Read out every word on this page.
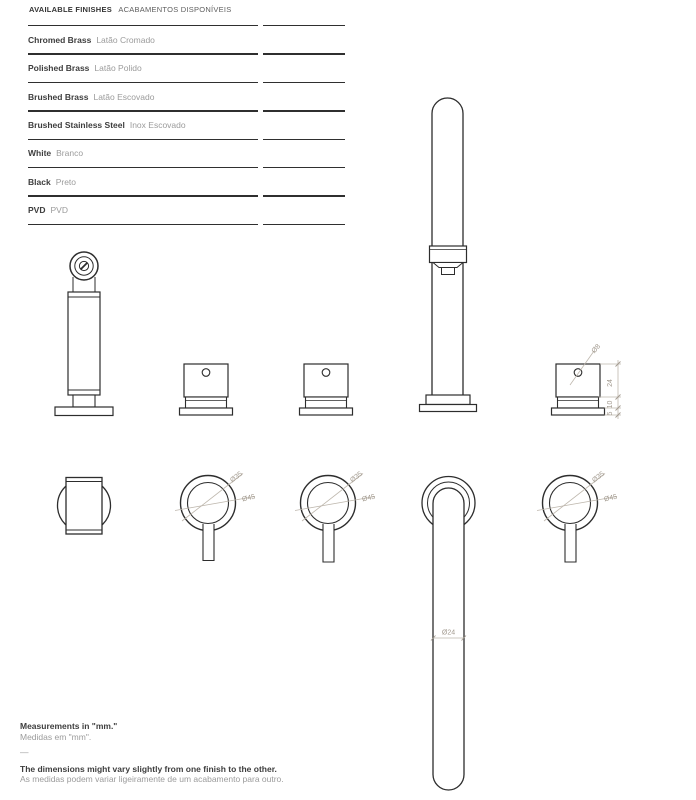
AVAILABLE FINISHES ACABAMENTOS DISPONÍVEIS
Chromed Brass Latão Cromado
Polished Brass Latão Polido
Brushed Brass Latão Escovado
Brushed Stainless Steel Inox Escovado
White Branco
Black Preto
PVD PVD
Ø8
24
10
5
Ø35
Ø45
Ø35
Ø45
Ø24
Ø35
Ø45
Measurements in "mm."
Medidas em "mm".
—
The dimensions might vary slightly from one finish to the other.
As medidas podem variar ligeiramente de um acabamento para outro.
